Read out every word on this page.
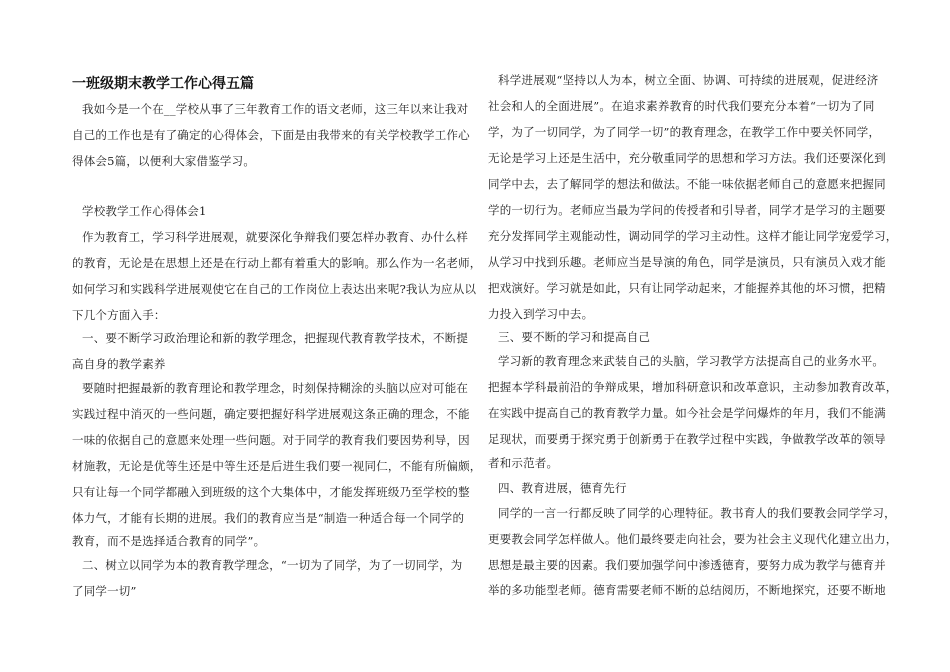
一班级期末教学工作心得五篇
我如今是一个在__学校从事了三年教育工作的语文老师，这三年以来让我对
自己的工作也是有了确定的心得体会，下面是由我带来的有关学校教学工作心
得体会5篇，以便利大家借鉴学习。
学校教学工作心得体会1
作为教育工，学习科学进展观，就要深化争辩我们要怎样办教育、办什么样
的教育，无论是在思想上还是在行动上都有着重大的影响。那么作为一名老师，
如何学习和实践科学进展观使它在自己的工作岗位上表达出来呢?我认为应从以
下几个方面入手：
一、要不断学习政治理论和新的教学理念，把握现代教育教学技术，不断提
高自身的教学素养
要随时把握最新的教育理论和教学理念，时刻保持糊涂的头脑以应对可能在
实践过程中消灭的一些问题，确定要把握好科学进展观这条正确的理念，不能
一味的依据自己的意愿来处理一些问题。对于同学的教育我们要因势利导，因
材施教，无论是优等生还是中等生还是后进生我们要一视同仁，不能有所偏颇，
只有让每一个同学都融入到班级的这个大集体中，才能发挥班级乃至学校的整
体力气，才能有长期的进展。我们的教育应当是“制造一种适合每一个同学的
教育，而不是选择适合教育的同学”。
二、树立以同学为本的教育教学理念，“一切为了同学，为了一切同学，为
了同学一切”
科学进展观“坚持以人为本，树立全面、协调、可持续的进展观，促进经济
社会和人的全面进展”。在追求素养教育的时代我们要充分本着“一切为了同
学，为了一切同学，为了同学一切”的教育理念，在教学工作中要关怀同学，
无论是学习上还是生活中，充分敬重同学的思想和学习方法。我们还要深化到
同学中去，去了解同学的想法和做法。不能一味依据老师自己的意愿来把握同
学的一切行为。老师应当最为学问的传授者和引导者，同学才是学习的主题要
充分发挥同学主观能动性，调动同学的学习主动性。这样才能让同学宠爱学习，
从学习中找到乐趣。老师应当是导演的角色，同学是演员，只有演员入戏才能
把戏演好。学习就是如此，只有让同学动起来，才能握养其他的坏习惯，把精
力投入到学习中去。
三、要不断的学习和提高自己
学习新的教育理念来武装自己的头脑，学习教学方法提高自己的业务水平。
把握本学科最前沿的争辩成果，增加科研意识和改革意识，主动参加教育改革，
在实践中提高自己的教育教学力量。如今社会是学问爆炸的年月，我们不能满
足现状，而要勇于探究勇于创新勇于在教学过程中实践，争做教学改革的领导
者和示范者。
四、教育进展，德育先行
同学的一言一行都反映了同学的心理特征。教书育人的我们要教会同学学习，
更要教会同学怎样做人。他们最终要走向社会，要为社会主义现代化建立出力，
思想是最主要的因素。我们要加强学问中渗透德育，要努力成为教学与德育并
举的多功能型老师。德育需要老师不断的总结阅历，不断地探究，还要不断地
